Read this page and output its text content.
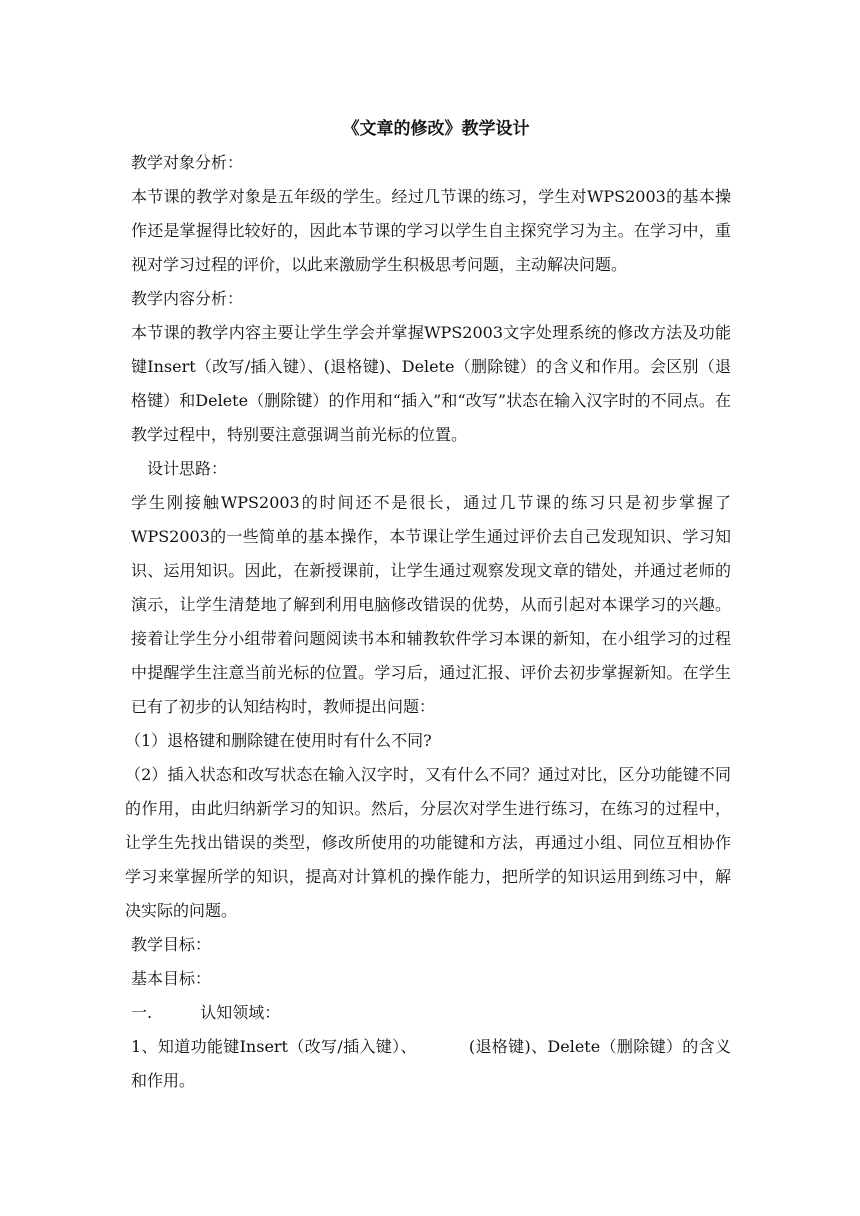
《文章的修改》教学设计

教学对象分析：

本节课的教学对象是五年级的学生。经过几节课的练习，学生对WPS2003的基本操作还是掌握得比较好的，因此本节课的学习以学生自主探究学习为主。在学习中，重视对学习过程的评价，以此来激励学生积极思考问题，主动解决问题。

教学内容分析：

本节课的教学内容主要让学生学会并掌握WPS2003文字处理系统的修改方法及功能键Insert（改写/插入键）、(退格键)、Delete（删除键）的含义和作用。会区别（退格键）和Delete（删除键）的作用和“插入”和“改写”状态在输入汉字时的不同点。在教学过程中，特别要注意强调当前光标的位置。

设计思路：

学生刚接触WPS2003的时间还不是很长，通过几节课的练习只是初步掌握了WPS2003的一些简单的基本操作，本节课让学生通过评价去自己发现知识、学习知识、运用知识。因此，在新授课前，让学生通过观察发现文章的错处，并通过老师的演示，让学生清楚地了解到利用电脑修改错误的优势，从而引起对本课学习的兴趣。接着让学生分小组带着问题阅读书本和辅教软件学习本课的新知，在小组学习的过程中提醒学生注意当前光标的位置。学习后，通过汇报、评价去初步掌握新知。在学生已有了初步的认知结构时，教师提出问题：

（1）退格键和删除键在使用时有什么不同?

（2）插入状态和改写状态在输入汉字时，又有什么不同？通过对比，区分功能键不同的作用，由此归纳新学习的知识。然后，分层次对学生进行练习，在练习的过程中，让学生先找出错误的类型，修改所使用的功能键和方法，再通过小组、同位互相协作学习来掌握所学的知识，提高对计算机的操作能力，把所学的知识运用到练习中，解决实际的问题。

教学目标：

基本目标：

一.	认知领域：

1、知道功能键Insert（改写/插入键）、	(退格键)、Delete（删除键）的含义和作用。
